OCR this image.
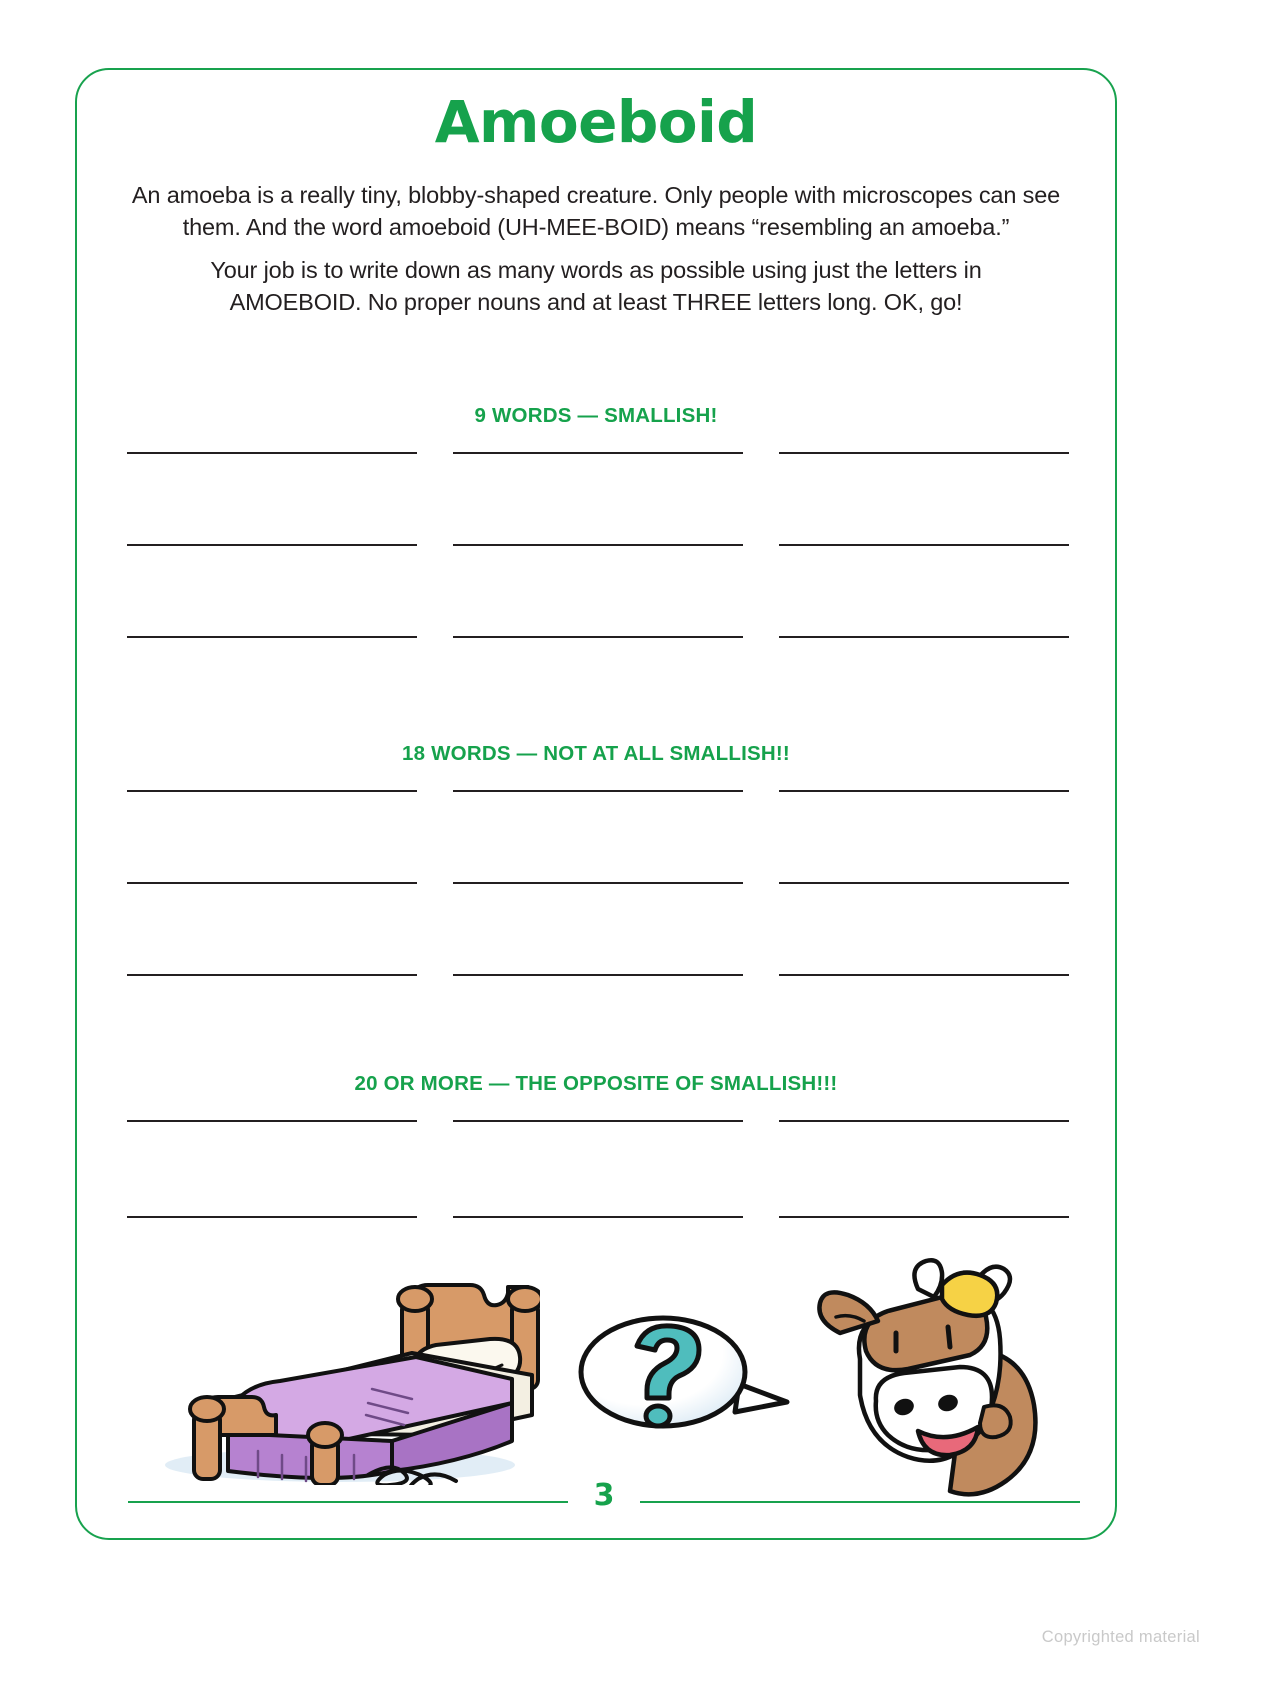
Amoeboid

An amoeba is a really tiny, blobby-shaped creature. Only people with microscopes can see them. And the word amoeboid (UH-MEE-BOID) means “resembling an amoeba.”

Your job is to write down as many words as possible using just the letters in AMOEBOID. No proper nouns and at least THREE letters long. OK, go!

9 WORDS — SMALLISH!
18 WORDS — NOT AT ALL SMALLISH!!
20 OR MORE — THE OPPOSITE OF SMALLISH!!!
3
Copyrighted material
